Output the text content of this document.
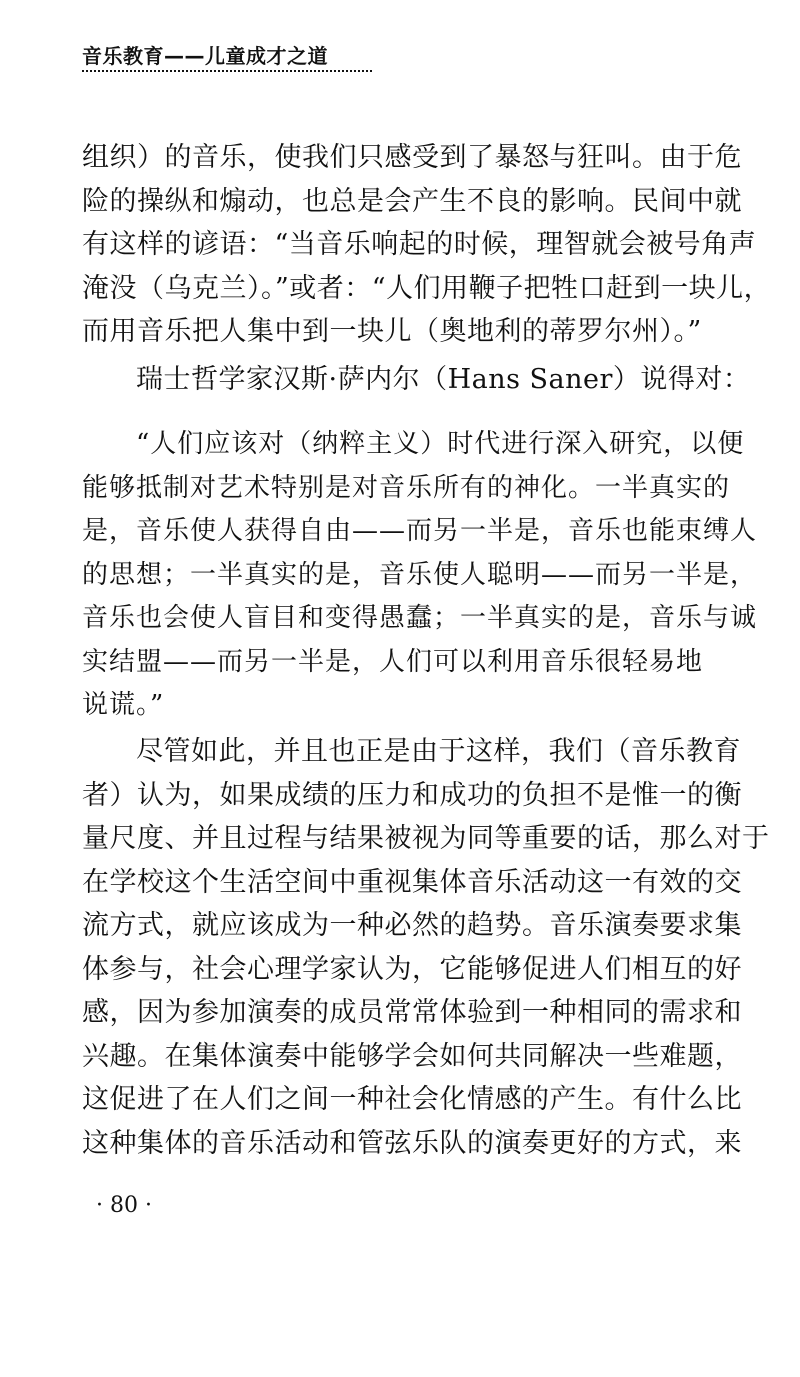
音乐教育——儿童成才之道
组织）的音乐，使我们只感受到了暴怒与狂叫。由于危
险的操纵和煽动，也总是会产生不良的影响。民间中就
有这样的谚语：“当音乐响起的时候，理智就会被号角声
淹没（乌克兰）。”或者：“人们用鞭子把牲口赶到一块儿，
而用音乐把人集中到一块儿（奥地利的蒂罗尔州）。”
瑞士哲学家汉斯·萨内尔（Hans Saner）说得对：
“人们应该对（纳粹主义）时代进行深入研究，以便
能够抵制对艺术特别是对音乐所有的神化。一半真实的
是，音乐使人获得自由——而另一半是，音乐也能束缚人
的思想；一半真实的是，音乐使人聪明——而另一半是，
音乐也会使人盲目和变得愚蠢；一半真实的是，音乐与诚
实结盟——而另一半是，人们可以利用音乐很轻易地
说谎。”
尽管如此，并且也正是由于这样，我们（音乐教育
者）认为，如果成绩的压力和成功的负担不是惟一的衡
量尺度、并且过程与结果被视为同等重要的话，那么对于
在学校这个生活空间中重视集体音乐活动这一有效的交
流方式，就应该成为一种必然的趋势。音乐演奏要求集
体参与，社会心理学家认为，它能够促进人们相互的好
感，因为参加演奏的成员常常体验到一种相同的需求和
兴趣。在集体演奏中能够学会如何共同解决一些难题，
这促进了在人们之间一种社会化情感的产生。有什么比
这种集体的音乐活动和管弦乐队的演奏更好的方式，来
· 80 ·
